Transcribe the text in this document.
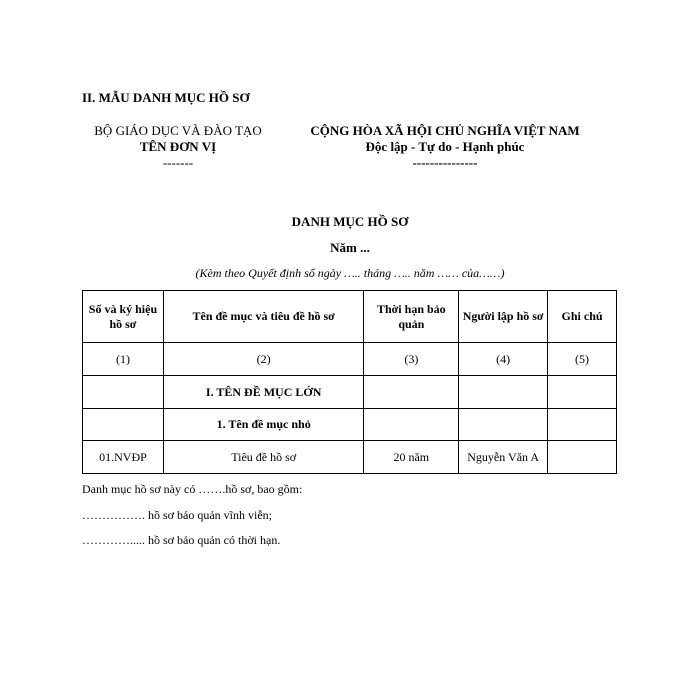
II. MẪU DANH MỤC HỒ SƠ
BỘ GIÁO DỤC VÀ ĐÀO TẠO
TÊN ĐƠN VỊ
-------
CỘNG HÒA XÃ HỘI CHỦ NGHĨA VIỆT NAM
Độc lập - Tự do - Hạnh phúc
---------------
DANH MỤC HỒ SƠ
Năm ...
(Kèm theo Quyết định số ngày ….. tháng ….. năm …… của……)
Số và ký hiệu hồ sơ	Tên đề mục và tiêu đề hồ sơ	Thời hạn bảo quản	Người lập hồ sơ	Ghi chú
(1)	(2)	(3)	(4)	(5)
	I. TÊN ĐỀ MỤC LỚN			
	1. Tên đề mục nhỏ			
01.NVĐP	Tiêu đề hồ sơ	20 năm	Nguyễn Văn A	
Danh mục hồ sơ này có …….hồ sơ, bao gồm:
……………. hồ sơ bảo quản vĩnh viễn;
…………..... hồ sơ bảo quản có thời hạn.
